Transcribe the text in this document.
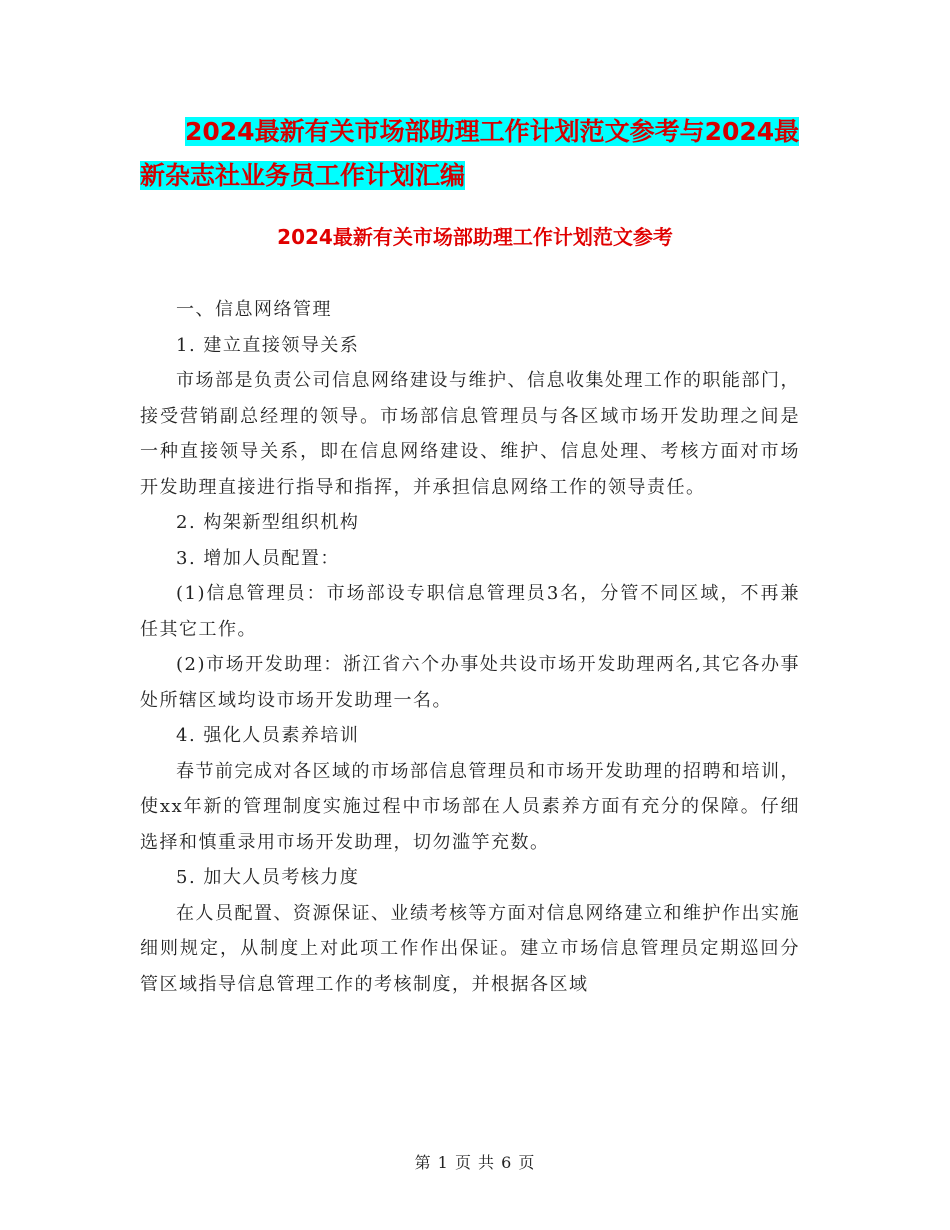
2024最新有关市场部助理工作计划范文参考与2024最
新杂志社业务员工作计划汇编
2024最新有关市场部助理工作计划范文参考

一、信息网络管理

1. 建立直接领导关系

市场部是负责公司信息网络建设与维护、信息收集处理工作的职能部门，接受营销副总经理的领导。市场部信息管理员与各区域市场开发助理之间是一种直接领导关系，即在信息网络建设、维护、信息处理、考核方面对市场开发助理直接进行指导和指挥，并承担信息网络工作的领导责任。

2. 构架新型组织机构

3. 增加人员配置：

(1)信息管理员：市场部设专职信息管理员3名，分管不同区域，不再兼任其它工作。

(2)市场开发助理：浙江省六个办事处共设市场开发助理两名,其它各办事处所辖区域均设市场开发助理一名。

4. 强化人员素养培训

春节前完成对各区域的市场部信息管理员和市场开发助理的招聘和培训，使xx年新的管理制度实施过程中市场部在人员素养方面有充分的保障。仔细选择和慎重录用市场开发助理，切勿滥竽充数。

5. 加大人员考核力度

在人员配置、资源保证、业绩考核等方面对信息网络建立和维护作出实施细则规定，从制度上对此项工作作出保证。建立市场信息管理员定期巡回分管区域指导信息管理工作的考核制度，并根据各区域

第 1 页 共 6 页
